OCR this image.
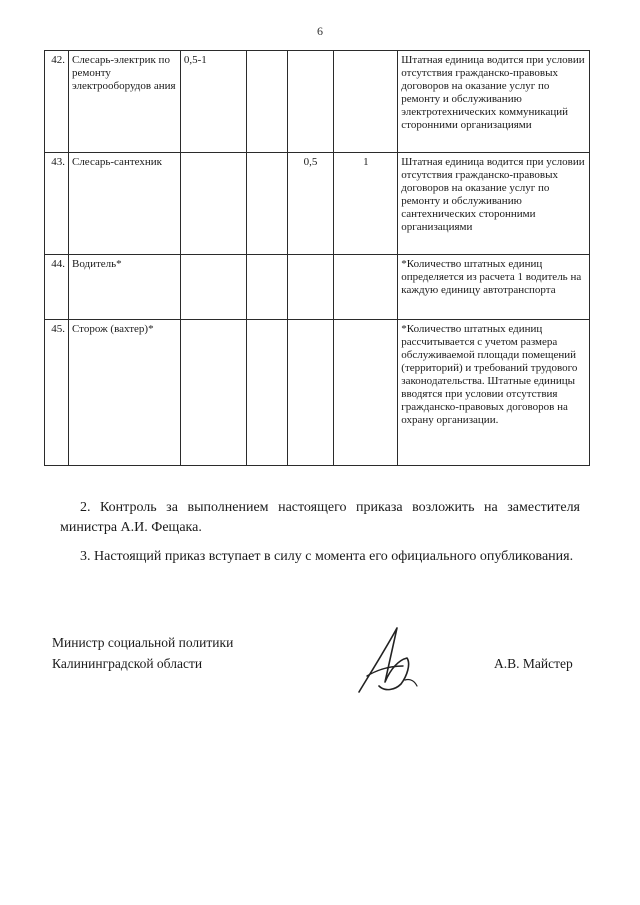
6
42.	Слесарь-электрик по ремонту электрооборудов ания	0,5-1				Штатная единица водится при условии отсутствия гражданско-правовых договоров на оказание услуг по ремонту и обслуживанию электротехнических коммуникаций сторонними организациями
43.	Слесарь-сантехник			0,5	1	Штатная единица водится при условии отсутствия гражданско-правовых договоров на оказание услуг по ремонту и обслуживанию сантехнических сторонними организациями
44.	Водитель*					*Количество штатных единиц определяется из расчета 1 водитель на каждую единицу автотранспорта
45.	Сторож (вахтер)*					*Количество штатных единиц рассчитывается с учетом размера обслуживаемой площади помещений (территорий) и требований трудового законодательства. Штатные единицы вводятся при условии отсутствия гражданско-правовых договоров на охрану организации.
2. Контроль за выполнением настоящего приказа возложить на заместителя министра А.И. Фещака.
3. Настоящий приказ вступает в силу с момента его официального опубликования.
Министр социальной политики
Калининградской области	А.В. Майстер
